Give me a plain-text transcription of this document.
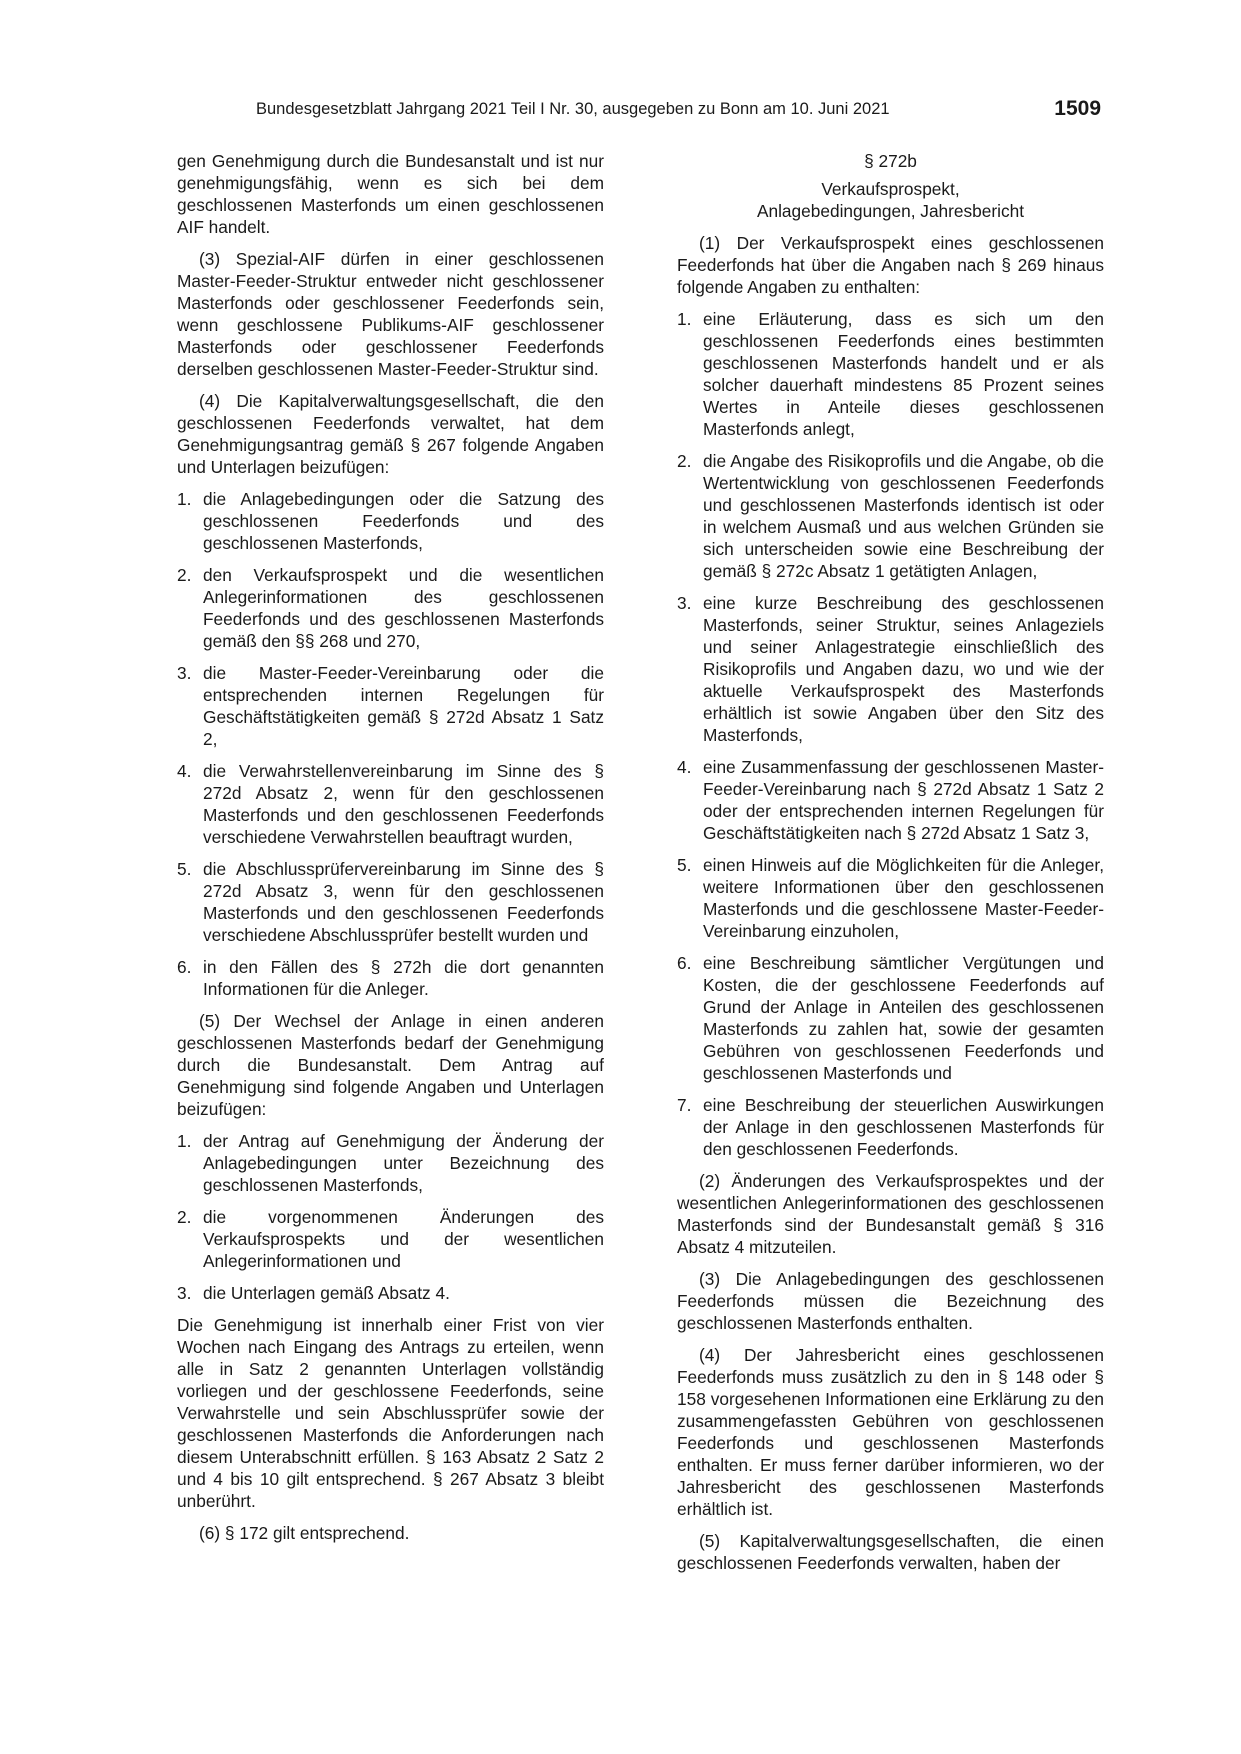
Bundesgesetzblatt Jahrgang 2021 Teil I Nr. 30, ausgegeben zu Bonn am 10. Juni 2021	1509

gen Genehmigung durch die Bundesanstalt und ist nur genehmigungsfähig, wenn es sich bei dem geschlossenen Masterfonds um einen geschlossenen AIF handelt.

(3) Spezial-AIF dürfen in einer geschlossenen Master-Feeder-Struktur entweder nicht geschlossener Masterfonds oder geschlossener Feederfonds sein, wenn geschlossene Publikums-AIF geschlossener Masterfonds oder geschlossener Feederfonds derselben geschlossenen Master-Feeder-Struktur sind.

(4) Die Kapitalverwaltungsgesellschaft, die den geschlossenen Feederfonds verwaltet, hat dem Genehmigungsantrag gemäß § 267 folgende Angaben und Unterlagen beizufügen:

1. die Anlagebedingungen oder die Satzung des geschlossenen Feederfonds und des geschlossenen Masterfonds,
2. den Verkaufsprospekt und die wesentlichen Anlegerinformationen des geschlossenen Feederfonds und des geschlossenen Masterfonds gemäß den §§ 268 und 270,
3. die Master-Feeder-Vereinbarung oder die entsprechenden internen Regelungen für Geschäftstätigkeiten gemäß § 272d Absatz 1 Satz 2,
4. die Verwahrstellenvereinbarung im Sinne des § 272d Absatz 2, wenn für den geschlossenen Masterfonds und den geschlossenen Feederfonds verschiedene Verwahrstellen beauftragt wurden,
5. die Abschlussprüfervereinbarung im Sinne des § 272d Absatz 3, wenn für den geschlossenen Masterfonds und den geschlossenen Feederfonds verschiedene Abschlussprüfer bestellt wurden und
6. in den Fällen des § 272h die dort genannten Informationen für die Anleger.

(5) Der Wechsel der Anlage in einen anderen geschlossenen Masterfonds bedarf der Genehmigung durch die Bundesanstalt. Dem Antrag auf Genehmigung sind folgende Angaben und Unterlagen beizufügen:

1. der Antrag auf Genehmigung der Änderung der Anlagebedingungen unter Bezeichnung des geschlossenen Masterfonds,
2. die vorgenommenen Änderungen des Verkaufsprospekts und der wesentlichen Anlegerinformationen und
3. die Unterlagen gemäß Absatz 4.

Die Genehmigung ist innerhalb einer Frist von vier Wochen nach Eingang des Antrags zu erteilen, wenn alle in Satz 2 genannten Unterlagen vollständig vorliegen und der geschlossene Feederfonds, seine Verwahrstelle und sein Abschlussprüfer sowie der geschlossenen Masterfonds die Anforderungen nach diesem Unterabschnitt erfüllen. § 163 Absatz 2 Satz 2 und 4 bis 10 gilt entsprechend. § 267 Absatz 3 bleibt unberührt.

(6) § 172 gilt entsprechend.

§ 272b

Verkaufsprospekt,

Anlagebedingungen, Jahresbericht

(1) Der Verkaufsprospekt eines geschlossenen Feederfonds hat über die Angaben nach § 269 hinaus folgende Angaben zu enthalten:

1. eine Erläuterung, dass es sich um den geschlossenen Feederfonds eines bestimmten geschlossenen Masterfonds handelt und er als solcher dauerhaft mindestens 85 Prozent seines Wertes in Anteile dieses geschlossenen Masterfonds anlegt,
2. die Angabe des Risikoprofils und die Angabe, ob die Wertentwicklung von geschlossenen Feederfonds und geschlossenen Masterfonds identisch ist oder in welchem Ausmaß und aus welchen Gründen sie sich unterscheiden sowie eine Beschreibung der gemäß § 272c Absatz 1 getätigten Anlagen,
3. eine kurze Beschreibung des geschlossenen Masterfonds, seiner Struktur, seines Anlageziels und seiner Anlagestrategie einschließlich des Risikoprofils und Angaben dazu, wo und wie der aktuelle Verkaufsprospekt des Masterfonds erhältlich ist sowie Angaben über den Sitz des Masterfonds,
4. eine Zusammenfassung der geschlossenen Master-Feeder-Vereinbarung nach § 272d Absatz 1 Satz 2 oder der entsprechenden internen Regelungen für Geschäftstätigkeiten nach § 272d Absatz 1 Satz 3,
5. einen Hinweis auf die Möglichkeiten für die Anleger, weitere Informationen über den geschlossenen Masterfonds und die geschlossene Master-Feeder-Vereinbarung einzuholen,
6. eine Beschreibung sämtlicher Vergütungen und Kosten, die der geschlossene Feederfonds auf Grund der Anlage in Anteilen des geschlossenen Masterfonds zu zahlen hat, sowie der gesamten Gebühren von geschlossenen Feederfonds und geschlossenen Masterfonds und
7. eine Beschreibung der steuerlichen Auswirkungen der Anlage in den geschlossenen Masterfonds für den geschlossenen Feederfonds.

(2) Änderungen des Verkaufsprospektes und der wesentlichen Anlegerinformationen des geschlossenen Masterfonds sind der Bundesanstalt gemäß § 316 Absatz 4 mitzuteilen.

(3) Die Anlagebedingungen des geschlossenen Feederfonds müssen die Bezeichnung des geschlossenen Masterfonds enthalten.

(4) Der Jahresbericht eines geschlossenen Feederfonds muss zusätzlich zu den in § 148 oder § 158 vorgesehenen Informationen eine Erklärung zu den zusammengefassten Gebühren von geschlossenen Feederfonds und geschlossenen Masterfonds enthalten. Er muss ferner darüber informieren, wo der Jahresbericht des geschlossenen Masterfonds erhältlich ist.

(5) Kapitalverwaltungsgesellschaften, die einen geschlossenen Feederfonds verwalten, haben der
